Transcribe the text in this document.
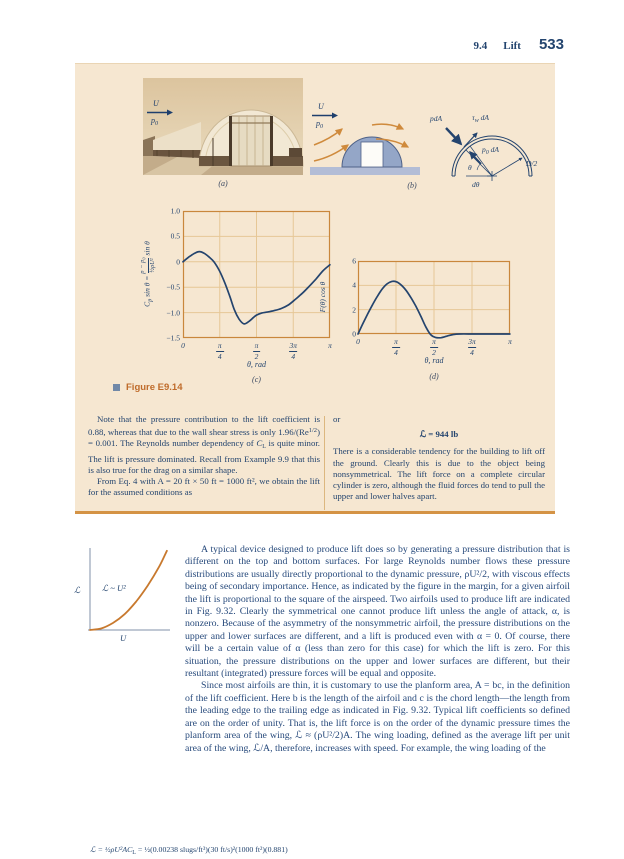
9.4 Lift 533
U
$p_0$
(a)
U
$p_0$
(b)
pdA	$\tau_w$ dA
$p_0$ dA
θ
dθ
D/2
1.0
0.5
0
−0.5
−1.0
−1.5
0	$\frac{\pi}{4}$	$\frac{\pi}{2}$	$\frac{3\pi}{4}$	π
$C_p$ sin θ =
p − p₀ ½ρU²
sin θ
θ, rad
(c)
6
4
2
0
0	$\frac{\pi}{4}$	$\frac{\pi}{2}$	$\frac{3\pi}{4}$	π
F(θ) cos θ
θ, rad
(d)
Figure E9.14

Note that the pressure contribution to the lift coefficient is 0.88, whereas that due to the wall shear stress is only $1.96/(Re^{1/2}) = 0.001$. The Reynolds number dependency of $C_L$ is quite minor. The lift is pressure dominated. Recall from Example 9.9 that this is also true for the drag on a similar shape.

From Eq. 4 with A = 20 ft × 50 ft = 1000 ft², we obtain the lift for the assumed conditions as

ℒ = $\frac{1}{2}\rho U^2AC_L$ = ½(0.00238 slugs/ft³)(30 ft/s)²(1000 ft²)(0.881)
or
ℒ = 944 lb
There is a considerable tendency for the building to lift off the ground. Clearly this is due to the object being nonsymmetrical. The lift force on a complete circular cylinder is zero, although the fluid forces do tend to pull the upper and lower halves apart.
ℒ	ℒ ~ U²
U

A typical device designed to produce lift does so by generating a pressure distribution that is different on the top and bottom surfaces. For large Reynolds number flows these pressure distributions are usually directly proportional to the dynamic pressure, ρU²/2, with viscous effects being of secondary importance. Hence, as indicated by the figure in the margin, for a given airfoil the lift is proportional to the square of the airspeed. Two airfoils used to produce lift are indicated in Fig. 9.32. Clearly the symmetrical one cannot produce lift unless the angle of attack, α, is nonzero. Because of the asymmetry of the nonsymmetric airfoil, the pressure distributions on the upper and lower surfaces are different, and a lift is produced even with α = 0. Of course, there will be a certain value of α (less than zero for this case) for which the lift is zero. For this situation, the pressure distributions on the upper and lower surfaces are different, but their resultant (integrated) pressure forces will be equal and opposite.

Since most airfoils are thin, it is customary to use the planform area, A = bc, in the definition of the lift coefficient. Here b is the length of the airfoil and c is the chord length—the length from the leading edge to the trailing edge as indicated in Fig. 9.32. Typical lift coefficients so defined are on the order of unity. That is, the lift force is on the order of the dynamic pressure times the planform area of the wing, ℒ ≈ (ρU²/2)A. The wing loading, defined as the average lift per unit area of the wing, ℒ/A, therefore, increases with speed. For example, the wing loading of the
